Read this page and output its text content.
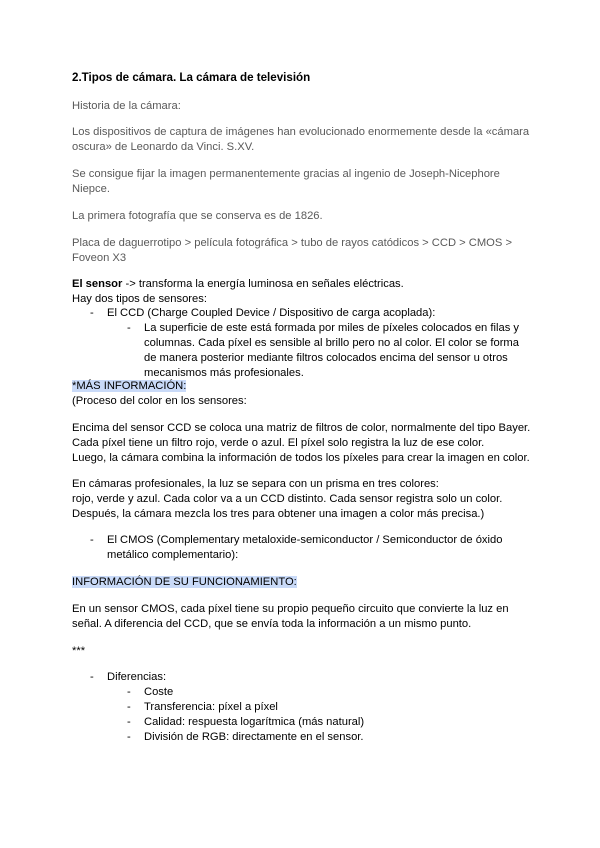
2.Tipos de cámara. La cámara de televisión
Historia de la cámara:
Los dispositivos de captura de imágenes han evolucionado enormemente desde la «cámara
oscura» de Leonardo da Vinci. S.XV.
Se consigue fijar la imagen permanentemente gracias al ingenio de Joseph-Nicephore
Niepce.
La primera fotografía que se conserva es de 1826.
Placa de daguerrotipo > película fotográfica > tubo de rayos catódicos > CCD > CMOS >
Foveon X3
El sensor -> transforma la energía luminosa en señales eléctricas.
Hay dos tipos de sensores:
- El CCD (Charge Coupled Device / Dispositivo de carga acoplada):
- La superficie de este está formada por miles de píxeles colocados en filas y
columnas. Cada píxel es sensible al brillo pero no al color. El color se forma
de manera posterior mediante filtros colocados encima del sensor u otros
mecanismos más profesionales.
*MÁS INFORMACIÓN:
(Proceso del color en los sensores:
Encima del sensor CCD se coloca una matriz de filtros de color, normalmente del tipo Bayer.
Cada píxel tiene un filtro rojo, verde o azul. El píxel solo registra la luz de ese color.
Luego, la cámara combina la información de todos los píxeles para crear la imagen en color.
En cámaras profesionales, la luz se separa con un prisma en tres colores:
rojo, verde y azul. Cada color va a un CCD distinto. Cada sensor registra solo un color.
Después, la cámara mezcla los tres para obtener una imagen a color más precisa.)
- El CMOS (Complementary metaloxide-semiconductor / Semiconductor de óxido
metálico complementario):
INFORMACIÓN DE SU FUNCIONAMIENTO:
En un sensor CMOS, cada píxel tiene su propio pequeño circuito que convierte la luz en
señal. A diferencia del CCD, que se envía toda la información a un mismo punto.
***
- Diferencias:
- Coste
- Transferencia: píxel a píxel
- Calidad: respuesta logarítmica (más natural)
- División de RGB: directamente en el sensor.
